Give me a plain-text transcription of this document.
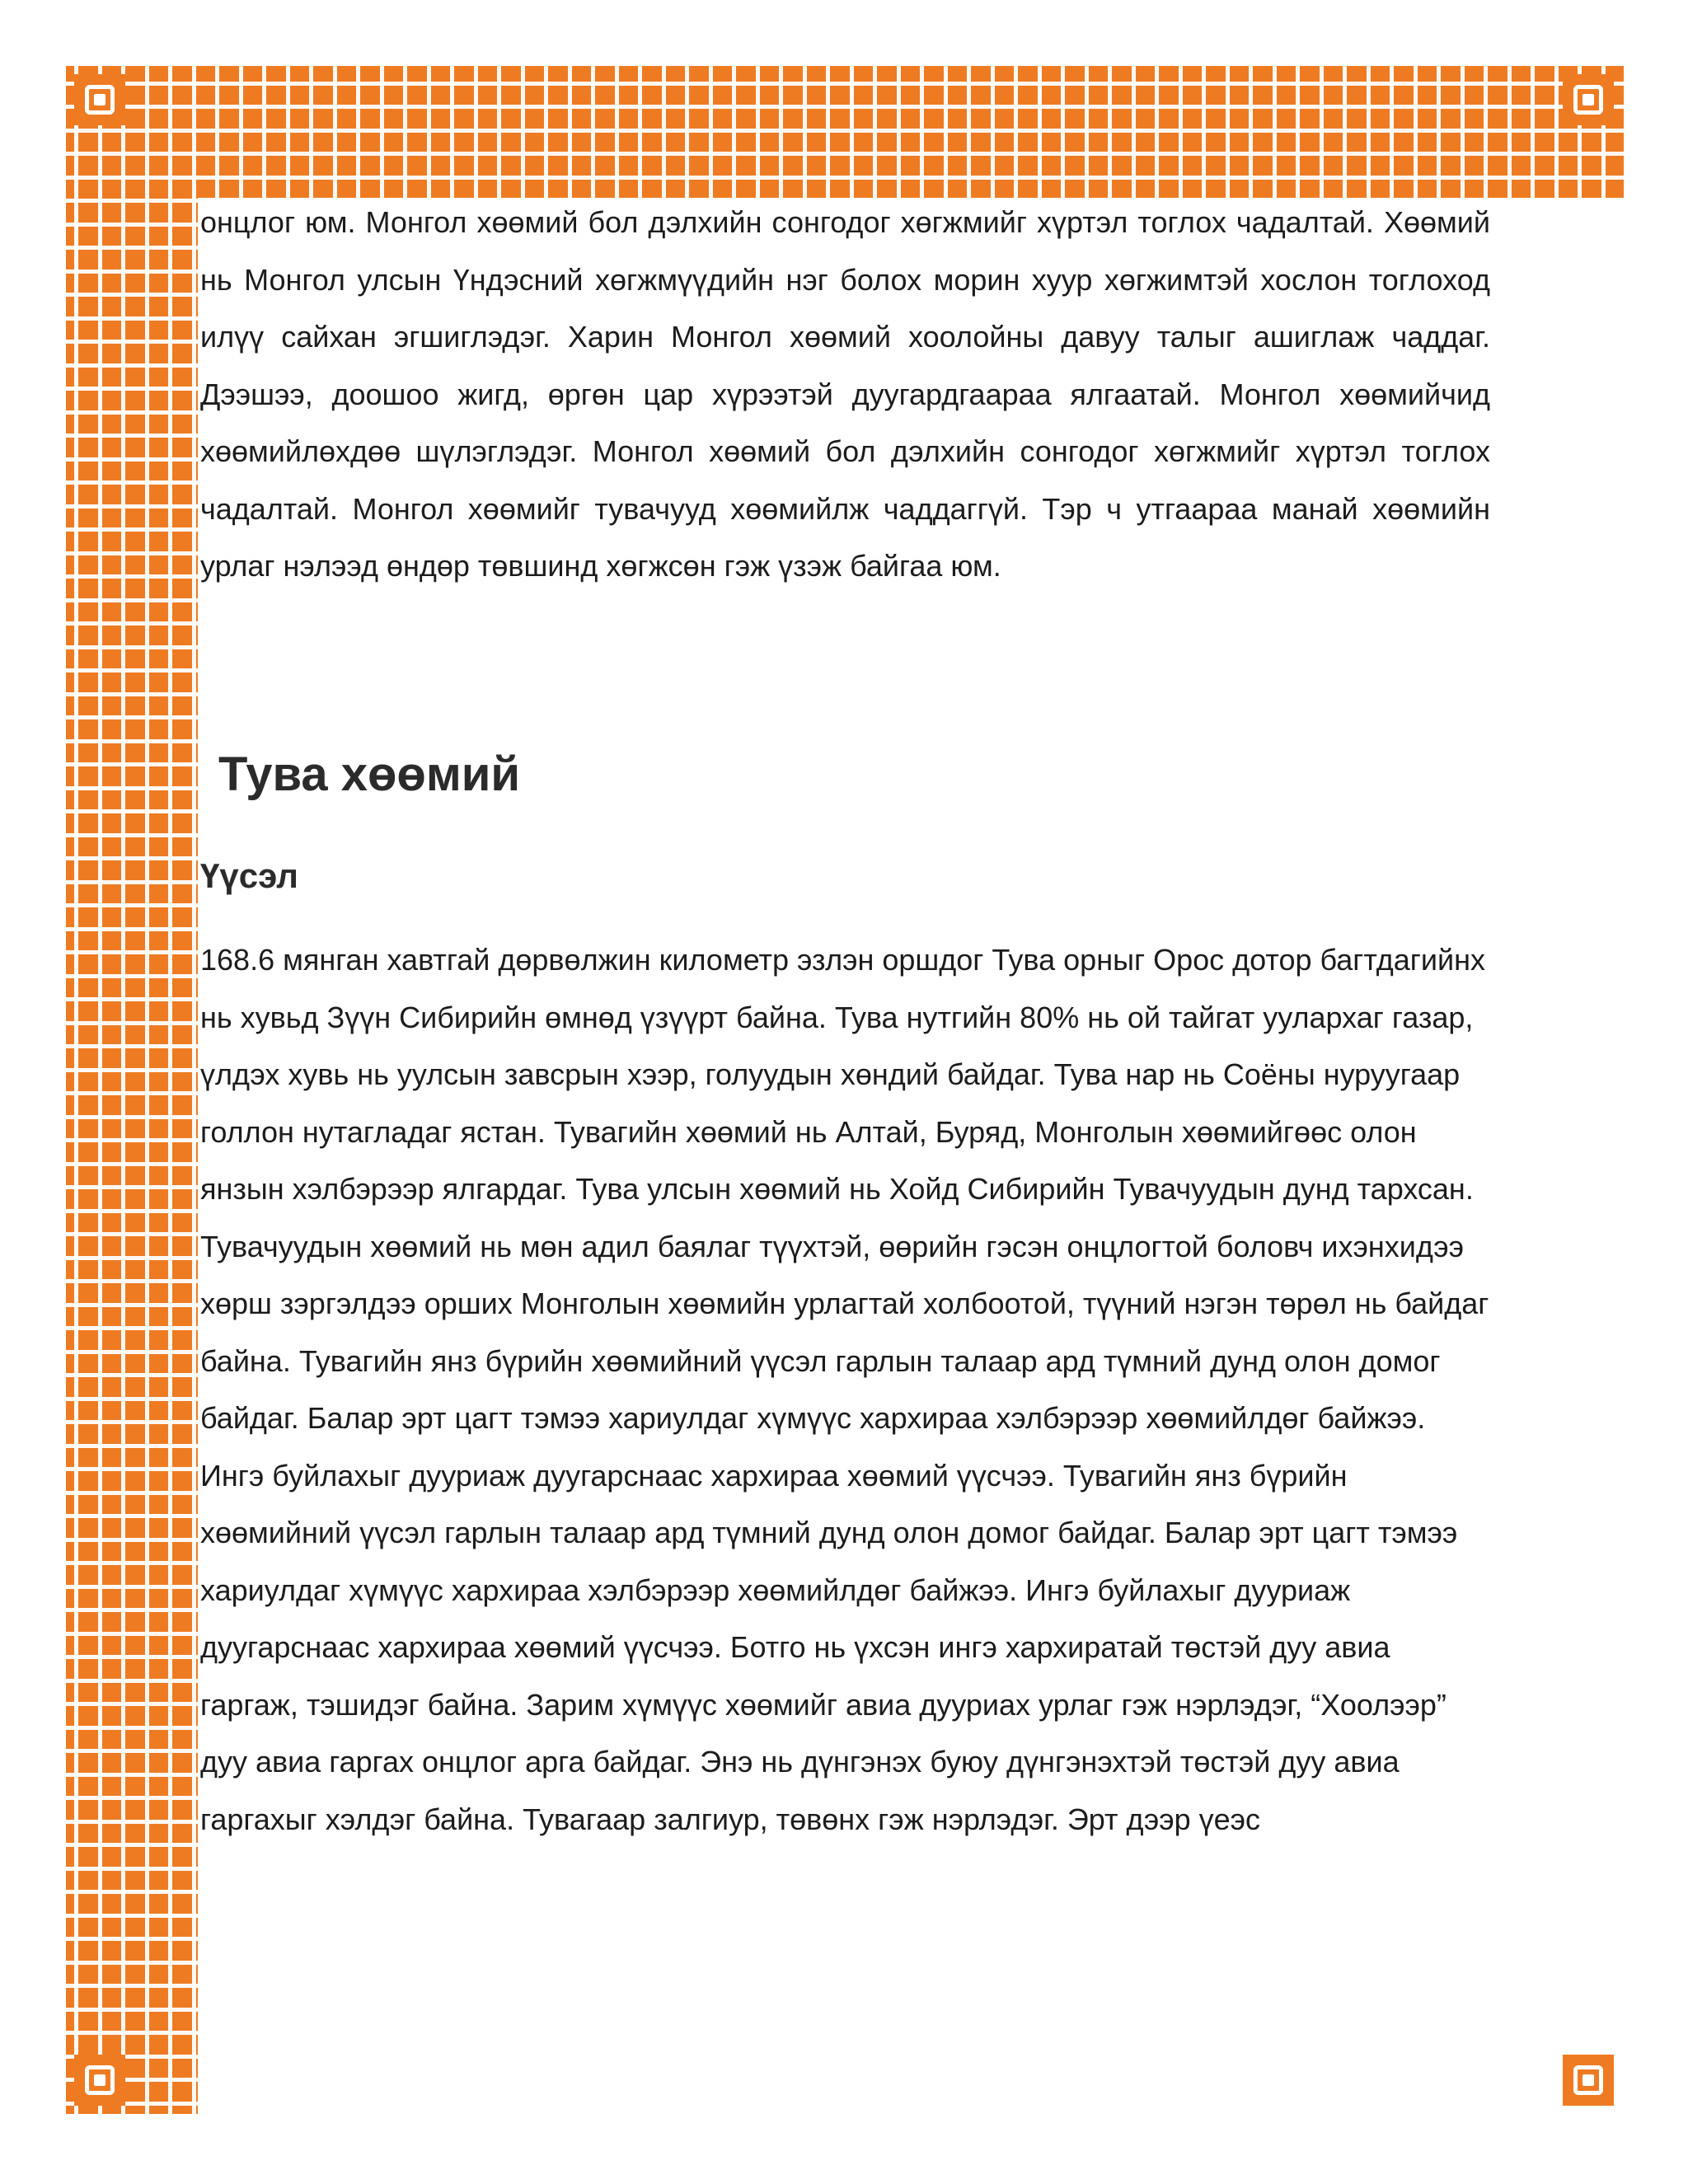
онцлог юм. Монгол хөөмий бол дэлхийн сонгодог хөгжмийг хүртэл тоглох чадалтай. Хөөмий нь Монгол улсын Үндэсний хөгжмүүдийн нэг болох морин хуур хөгжимтэй хослон тоглоход илүү сайхан эгшиглэдэг. Харин Монгол хөөмий хоолойны давуу талыг ашиглаж чаддаг. Дээшээ, доошоо жигд, өргөн цар хүрээтэй дуугардгаараа ялгаатай. Монгол хөөмийчид хөөмийлөхдөө шүлэглэдэг. Монгол хөөмий бол дэлхийн сонгодог хөгжмийг хүртэл тоглох чадалтай. Монгол хөөмийг тувачууд хөөмийлж чаддаггүй. Тэр ч утгаараа манай хөөмийн урлаг нэлээд өндөр төвшинд хөгжсөн гэж үзэж байгаа юм.

Тува хөөмий
Үүсэл

168.6 мянган хавтгай дөрвөлжин километр эзлэн оршдог Тува орныг Орос дотор багтдагийнх нь хувьд Зүүн Сибирийн өмнөд үзүүрт байна. Тува нутгийн 80% нь ой тайгат уулархаг газар, үлдэх хувь нь уулсын завсрын хээр, голуудын хөндий байдаг. Тува нар нь Соёны нуруугаар голлон нутагладаг ястан. Тувагийн хөөмий нь Алтай, Буряд, Монголын хөөмийгөөс олон янзын хэлбэрээр ялгардаг. Тува улсын хөөмий нь Хойд Сибирийн Тувачуудын дунд тархсан. Тувачуудын хөөмий нь мөн адил баялаг түүхтэй, өөрийн гэсэн онцлогтой боловч ихэнхидээ хөрш зэргэлдээ орших Монголын хөөмийн урлагтай холбоотой, түүний нэгэн төрөл нь байдаг байна. Тувагийн янз бүрийн хөөмийний үүсэл гарлын талаар ард түмний дунд олон домог байдаг. Балар эрт цагт тэмээ хариулдаг хүмүүс хархираа хэлбэрээр хөөмийлдөг байжээ. Ингэ буйлахыг дууриаж дуугарснаас хархираа хөөмий үүсчээ. Тувагийн янз бүрийн хөөмийний үүсэл гарлын талаар ард түмний дунд олон домог байдаг. Балар эрт цагт тэмээ хариулдаг хүмүүс хархираа хэлбэрээр хөөмийлдөг байжээ. Ингэ буйлахыг дууриаж дуугарснаас хархираа хөөмий үүсчээ. Ботго нь үхсэн ингэ хархиратай төстэй дуу авиа гаргаж, тэшидэг байна. Зарим хүмүүс хөөмийг авиа дууриах урлаг гэж нэрлэдэг, “Хоолээр” дуу авиа гаргах онцлог арга байдаг. Энэ нь дүнгэнэх буюу дүнгэнэхтэй төстэй дуу авиа гаргахыг хэлдэг байна. Тувагаар залгиур, төвөнх гэж нэрлэдэг. Эрт дээр үеэс
